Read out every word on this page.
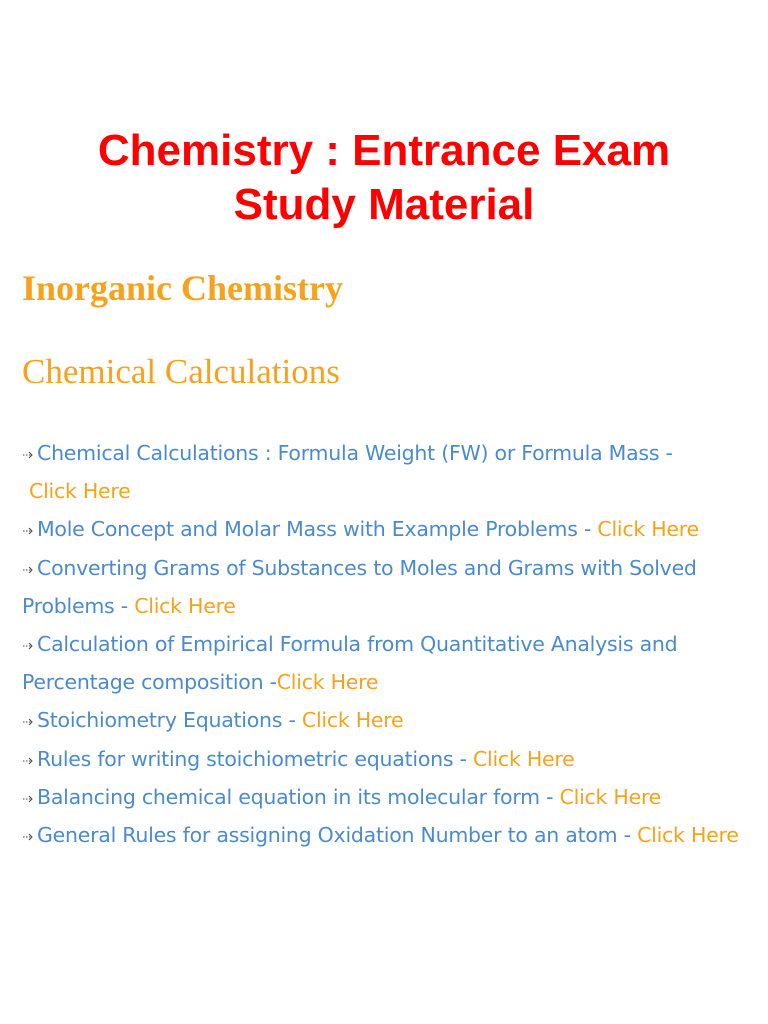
Chemistry : Entrance Exam
Study Material
Inorganic Chemistry
Chemical Calculations
Chemical Calculations : Formula Weight (FW) or Formula Mass -
Click Here
Mole Concept and Molar Mass with Example Problems - Click Here
Converting Grams of Substances to Moles and Grams with Solved Problems - Click Here
Calculation of Empirical Formula from Quantitative Analysis and Percentage composition -Click Here
Stoichiometry Equations - Click Here
Rules for writing stoichiometric equations - Click Here
Balancing chemical equation in its molecular form - Click Here
General Rules for assigning Oxidation Number to an atom - Click Here
